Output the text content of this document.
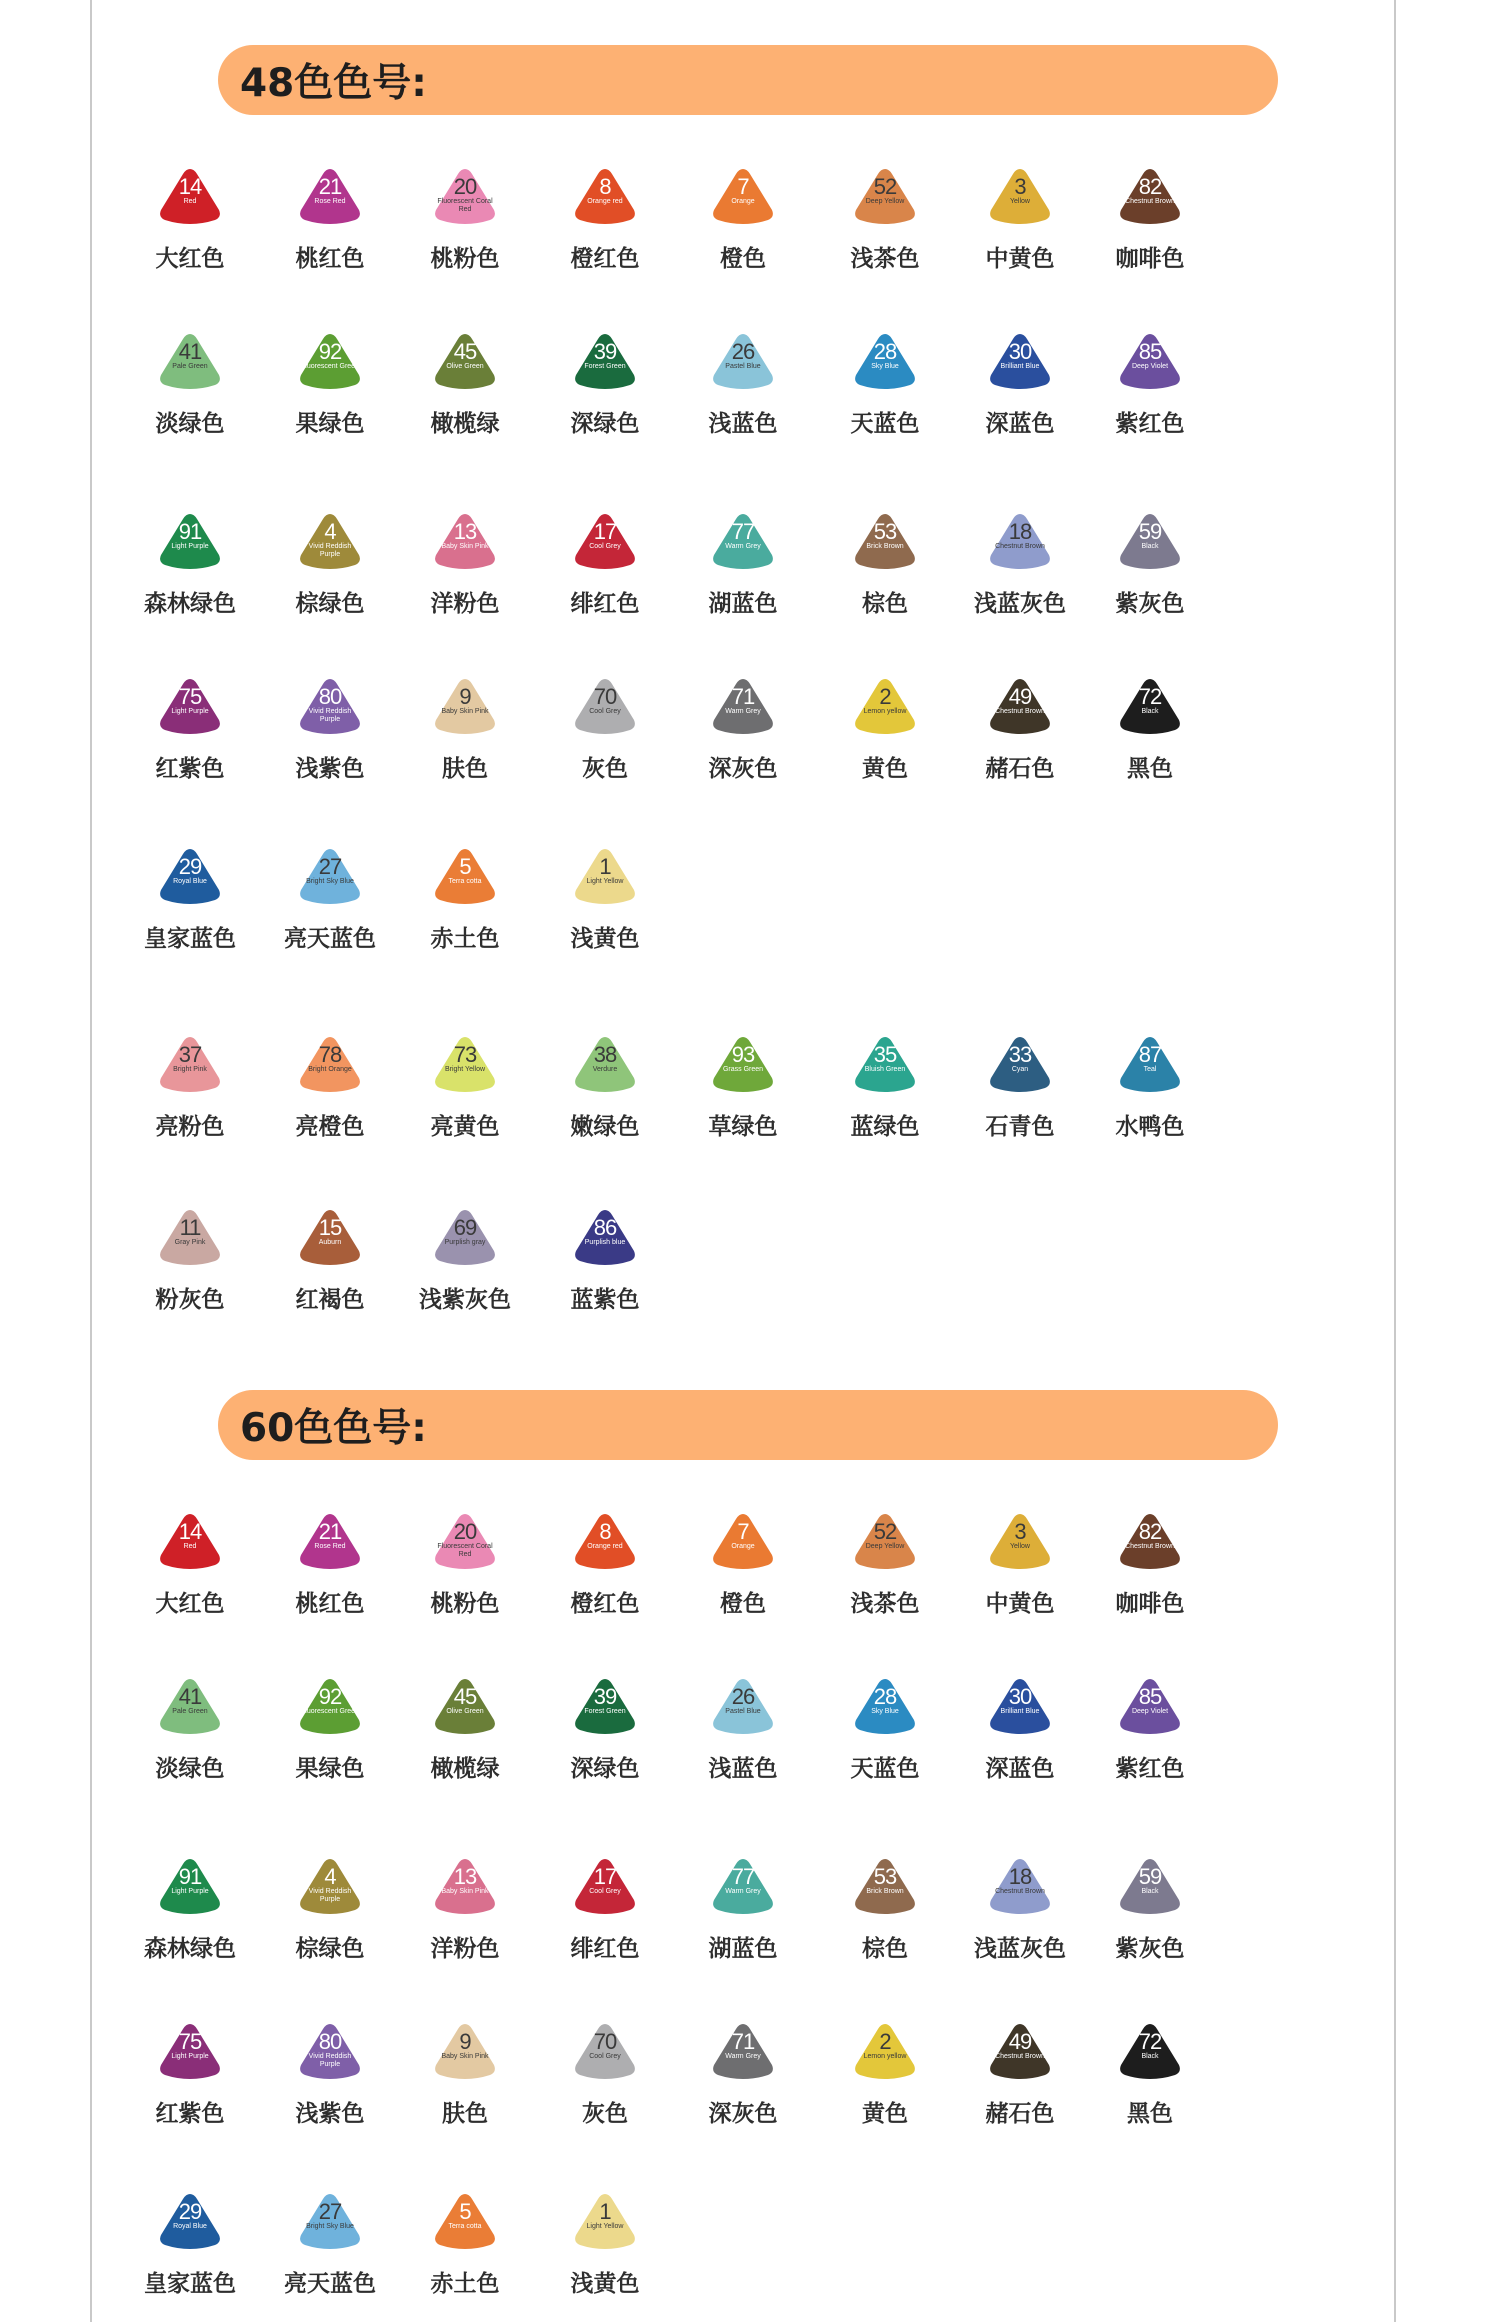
48色色号:
14
Red
大红色
21
Rose Red
桃红色
20
Fluorescent Coral Red
桃粉色
8
Orange red
橙红色
7
Orange
橙色
52
Deep Yellow
浅茶色
3
Yellow
中黄色
82
Chestnut Brown
咖啡色
41
Pale Green
淡绿色
92
Fluorescent Green
果绿色
45
Olive Green
橄榄绿
39
Forest Green
深绿色
26
Pastel Blue
浅蓝色
28
Sky Blue
天蓝色
30
Brilliant Blue
深蓝色
85
Deep Violet
紫红色
91
Light Purple
森林绿色
4
Vivid Reddish Purple
棕绿色
13
Baby Skin Pink
洋粉色
17
Cool Grey
绯红色
77
Warm Grey
湖蓝色
53
Brick Brown
棕色
18
Chestnut Brown
浅蓝灰色
59
Black
紫灰色
75
Light Purple
红紫色
80
Vivid Reddish Purple
浅紫色
9
Baby Skin Pink
肤色
70
Cool Grey
灰色
71
Warm Grey
深灰色
2
Lemon yellow
黄色
49
Chestnut Brown
赭石色
72
Black
黑色
29
Royal Blue
皇家蓝色
27
Bright Sky Blue
亮天蓝色
5
Terra cotta
赤土色
1
Light Yellow
浅黄色
37
Bright Pink
亮粉色
78
Bright Orange
亮橙色
73
Bright Yellow
亮黄色
38
Verdure
嫩绿色
93
Grass Green
草绿色
35
Bluish Green
蓝绿色
33
Cyan
石青色
87
Teal
水鸭色
11
Gray Pink
粉灰色
15
Auburn
红褐色
69
Purplish gray
浅紫灰色
86
Purplish blue
蓝紫色
60色色号:
14
Red
大红色
21
Rose Red
桃红色
20
Fluorescent Coral Red
桃粉色
8
Orange red
橙红色
7
Orange
橙色
52
Deep Yellow
浅茶色
3
Yellow
中黄色
82
Chestnut Brown
咖啡色
41
Pale Green
淡绿色
92
Fluorescent Green
果绿色
45
Olive Green
橄榄绿
39
Forest Green
深绿色
26
Pastel Blue
浅蓝色
28
Sky Blue
天蓝色
30
Brilliant Blue
深蓝色
85
Deep Violet
紫红色
91
Light Purple
森林绿色
4
Vivid Reddish Purple
棕绿色
13
Baby Skin Pink
洋粉色
17
Cool Grey
绯红色
77
Warm Grey
湖蓝色
53
Brick Brown
棕色
18
Chestnut Brown
浅蓝灰色
59
Black
紫灰色
75
Light Purple
红紫色
80
Vivid Reddish Purple
浅紫色
9
Baby Skin Pink
肤色
70
Cool Grey
灰色
71
Warm Grey
深灰色
2
Lemon yellow
黄色
49
Chestnut Brown
赭石色
72
Black
黑色
29
Royal Blue
皇家蓝色
27
Bright Sky Blue
亮天蓝色
5
Terra cotta
赤土色
1
Light Yellow
浅黄色
